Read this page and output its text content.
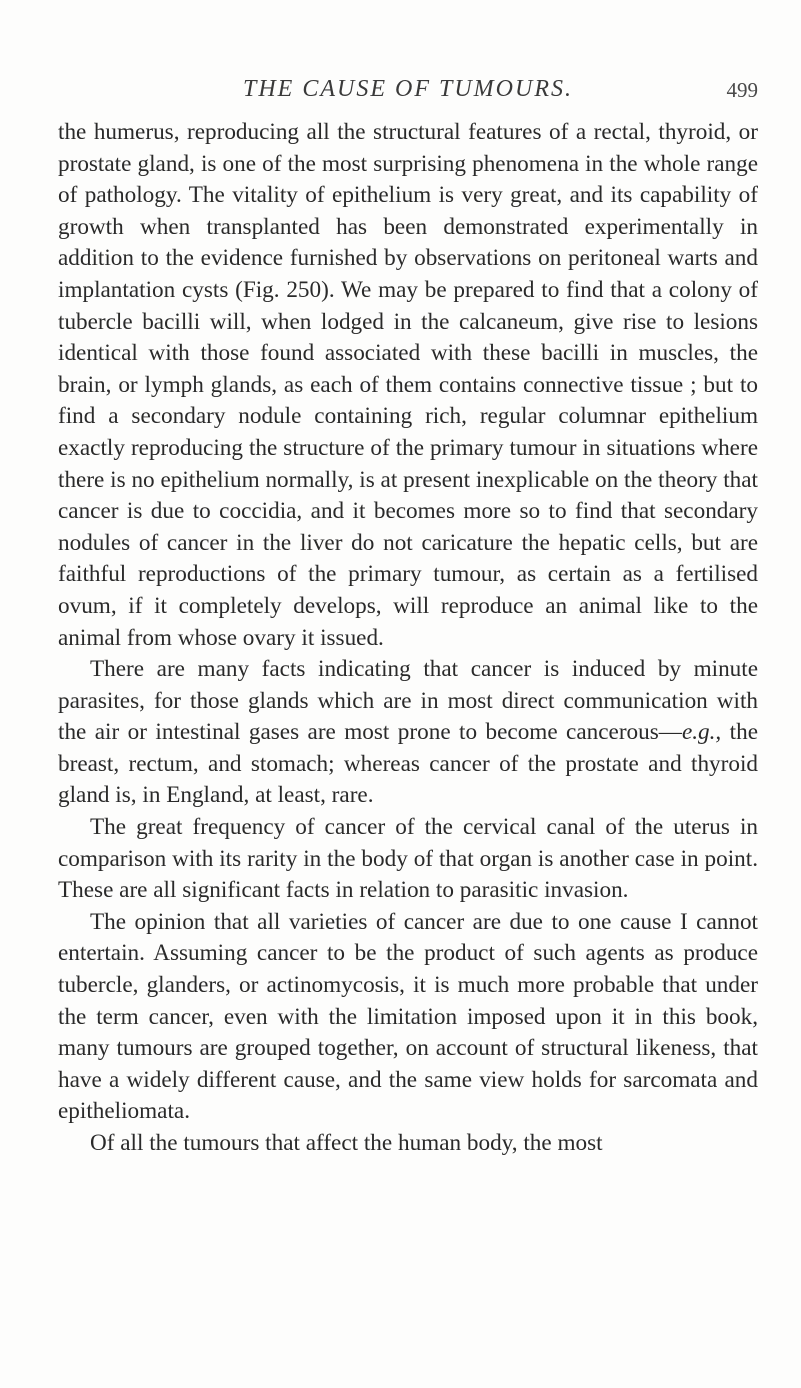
THE CAUSE OF TUMOURS.	499

the humerus, reproducing all the structural features of a rectal, thyroid, or prostate gland, is one of the most surprising phenomena in the whole range of pathology. The vitality of epithelium is very great, and its capability of growth when transplanted has been demonstrated experimentally in addition to the evidence furnished by observations on peritoneal warts and implantation cysts (Fig. 250). We may be prepared to find that a colony of tubercle bacilli will, when lodged in the calcaneum, give rise to lesions identical with those found associated with these bacilli in muscles, the brain, or lymph glands, as each of them contains connective tissue ; but to find a secondary nodule containing rich, regular columnar epithelium exactly reproducing the structure of the primary tumour in situations where there is no epithelium normally, is at present inexplicable on the theory that cancer is due to coccidia, and it becomes more so to find that secondary nodules of cancer in the liver do not caricature the hepatic cells, but are faithful reproductions of the primary tumour, as certain as a fertilised ovum, if it completely develops, will reproduce an animal like to the animal from whose ovary it issued.

There are many facts indicating that cancer is induced by minute parasites, for those glands which are in most direct communication with the air or intestinal gases are most prone to become cancerous—e.g., the breast, rectum, and stomach; whereas cancer of the prostate and thyroid gland is, in England, at least, rare.

The great frequency of cancer of the cervical canal of the uterus in comparison with its rarity in the body of that organ is another case in point. These are all significant facts in relation to parasitic invasion.

The opinion that all varieties of cancer are due to one cause I cannot entertain. Assuming cancer to be the product of such agents as produce tubercle, glanders, or actinomycosis, it is much more probable that under the term cancer, even with the limitation imposed upon it in this book, many tumours are grouped together, on account of structural likeness, that have a widely different cause, and the same view holds for sarcomata and epitheliomata.

Of all the tumours that affect the human body, the most
